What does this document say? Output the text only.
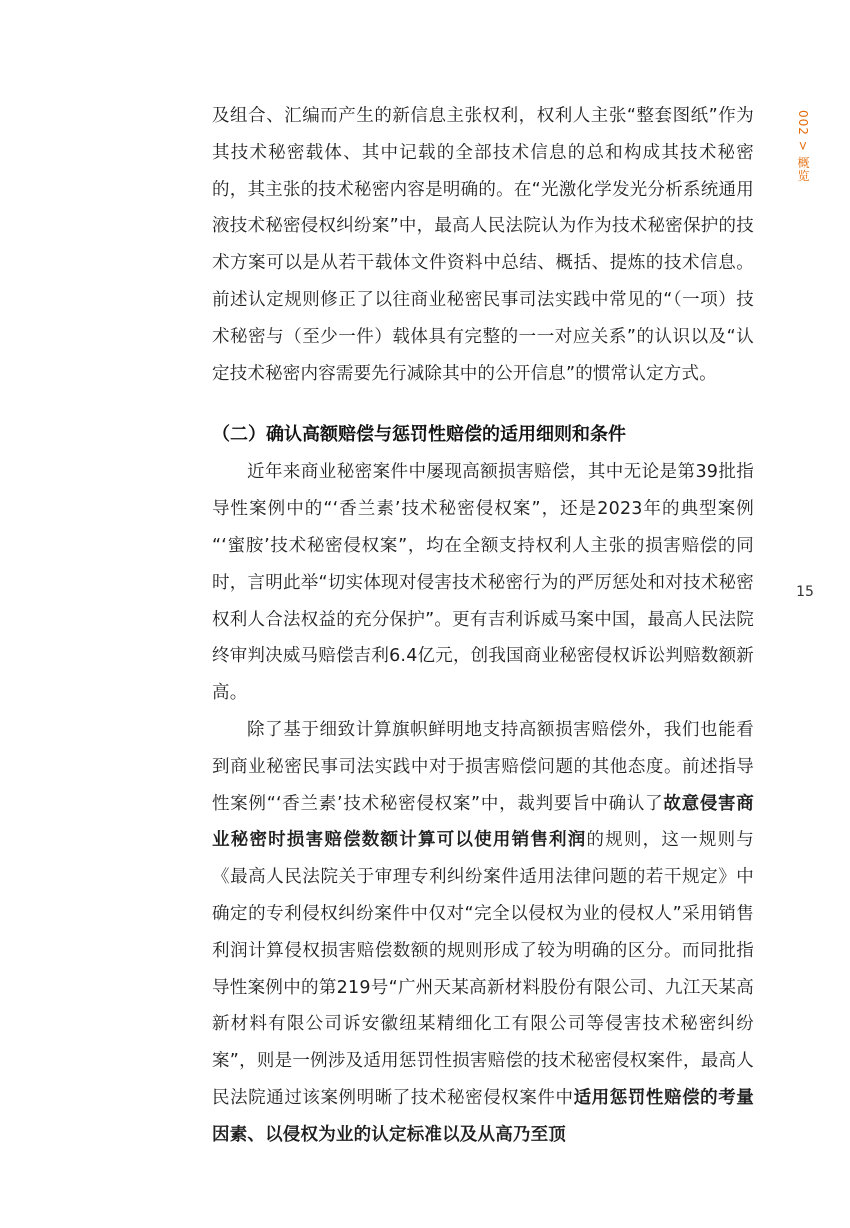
002 > 概览
15

及组合、汇编而产生的新信息主张权利，权利人主张“整套图纸”作为其技术秘密载体、其中记载的全部技术信息的总和构成其技术秘密的，其主张的技术秘密内容是明确的。在“光激化学发光分析系统通用液技术秘密侵权纠纷案”中，最高人民法院认为作为技术秘密保护的技术方案可以是从若干载体文件资料中总结、概括、提炼的技术信息。前述认定规则修正了以往商业秘密民事司法实践中常见的“（一项）技术秘密与（至少一件）载体具有完整的一一对应关系”的认识以及“认定技术秘密内容需要先行减除其中的公开信息”的惯常认定方式。

（二）确认高额赔偿与惩罚性赔偿的适用细则和条件

近年来商业秘密案件中屡现高额损害赔偿，其中无论是第39批指导性案例中的“‘香兰素’技术秘密侵权案”，还是2023年的典型案例 “‘蜜胺’技术秘密侵权案”，均在全额支持权利人主张的损害赔偿的同时，言明此举“切实体现对侵害技术秘密行为的严厉惩处和对技术秘密权利人合法权益的充分保护”。更有吉利诉威马案中国，最高人民法院终审判决威马赔偿吉利6.4亿元，创我国商业秘密侵权诉讼判赔数额新高。

除了基于细致计算旗帜鲜明地支持高额损害赔偿外，我们也能看到商业秘密民事司法实践中对于损害赔偿问题的其他态度。前述指导性案例“‘香兰素’技术秘密侵权案”中，裁判要旨中确认了故意侵害商业秘密时损害赔偿数额计算可以使用销售利润的规则，这一规则与《最高人民法院关于审理专利纠纷案件适用法律问题的若干规定》中确定的专利侵权纠纷案件中仅对“完全以侵权为业的侵权人”采用销售利润计算侵权损害赔偿数额的规则形成了较为明确的区分。而同批指导性案例中的第219号“广州天某高新材料股份有限公司、九江天某高新材料有限公司诉安徽纽某精细化工有限公司等侵害技术秘密纠纷案”，则是一例涉及适用惩罚性损害赔偿的技术秘密侵权案件，最高人民法院通过该案例明晰了技术秘密侵权案件中适用惩罚性赔偿的考量因素、以侵权为业的认定标准以及从高乃至顶
